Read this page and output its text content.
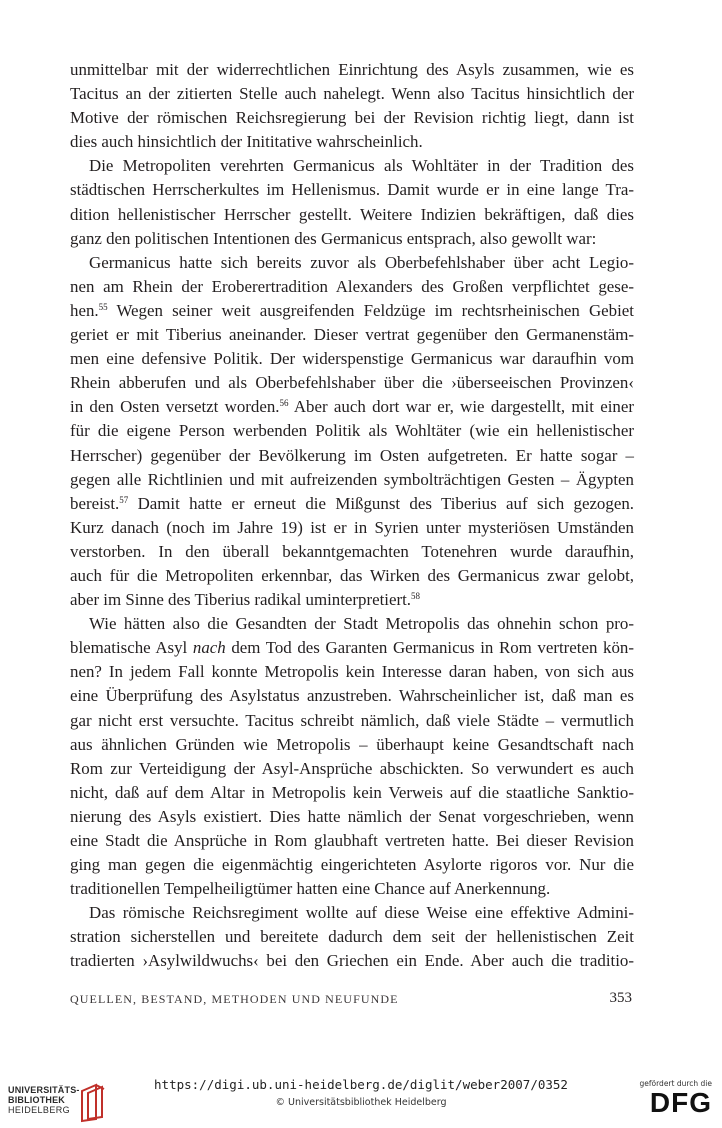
unmittelbar mit der widerrechtlichen Einrichtung des Asyls zusammen, wie es
Tacitus an der zitierten Stelle auch nahelegt. Wenn also Tacitus hinsichtlich der
Motive der römischen Reichsregierung bei der Revision richtig liegt, dann ist
dies auch hinsichtlich der Inititative wahrscheinlich.
Die Metropoliten verehrten Germanicus als Wohltäter in der Tradition des
städtischen Herrscherkultes im Hellenismus. Damit wurde er in eine lange Tra-
dition hellenistischer Herrscher gestellt. Weitere Indizien bekräftigen, daß dies
ganz den politischen Intentionen des Germanicus entsprach, also gewollt war:
Germanicus hatte sich bereits zuvor als Oberbefehlshaber über acht Legio-
nen am Rhein der Eroberertradition Alexanders des Großen verpflichtet gese-
hen.$^{55}$ Wegen seiner weit ausgreifenden Feldzüge im rechtsrheinischen Gebiet
geriet er mit Tiberius aneinander. Dieser vertrat gegenüber den Germanenstäm-
men eine defensive Politik. Der widerspenstige Germanicus war daraufhin vom
Rhein abberufen und als Oberbefehlshaber über die ›überseeischen Provinzen‹
in den Osten versetzt worden.$^{56}$ Aber auch dort war er, wie dargestellt, mit einer
für die eigene Person werbenden Politik als Wohltäter (wie ein hellenistischer
Herrscher) gegenüber der Bevölkerung im Osten aufgetreten. Er hatte sogar –
gegen alle Richtlinien und mit aufreizenden symbolträchtigen Gesten – Ägypten
bereist.$^{57}$ Damit hatte er erneut die Mißgunst des Tiberius auf sich gezogen.
Kurz danach (noch im Jahre 19) ist er in Syrien unter mysteriösen Umständen
verstorben. In den überall bekanntgemachten Totenehren wurde daraufhin,
auch für die Metropoliten erkennbar, das Wirken des Germanicus zwar gelobt,
aber im Sinne des Tiberius radikal uminterpretiert.$^{58}$
Wie hätten also die Gesandten der Stadt Metropolis das ohnehin schon pro-
blematische Asyl nach dem Tod des Garanten Germanicus in Rom vertreten kön-
nen? In jedem Fall konnte Metropolis kein Interesse daran haben, von sich aus
eine Überprüfung des Asylstatus anzustreben. Wahrscheinlicher ist, daß man es
gar nicht erst versuchte. Tacitus schreibt nämlich, daß viele Städte – vermutlich
aus ähnlichen Gründen wie Metropolis – überhaupt keine Gesandtschaft nach
Rom zur Verteidigung der Asyl-Ansprüche abschickten. So verwundert es auch
nicht, daß auf dem Altar in Metropolis kein Verweis auf die staatliche Sanktio-
nierung des Asyls existiert. Dies hatte nämlich der Senat vorgeschrieben, wenn
eine Stadt die Ansprüche in Rom glaubhaft vertreten hatte. Bei dieser Revision
ging man gegen die eigenmächtig eingerichteten Asylorte rigoros vor. Nur die
traditionellen Tempelheiligtümer hatten eine Chance auf Anerkennung.
Das römische Reichsregiment wollte auf diese Weise eine effektive Admini-
stration sicherstellen und bereitete dadurch dem seit der hellenistischen Zeit
tradierten ›Asylwildwuchs‹ bei den Griechen ein Ende. Aber auch die traditio-
QUELLEN, BESTAND, METHODEN UND NEUFUNDE	353
UNIVERSITÄTS-
BIBLIOTHEK
HEIDELBERG
https://digi.ub.uni-heidelberg.de/diglit/weber2007/0352
© Universitätsbibliothek Heidelberg
gefördert durch die
DFG
